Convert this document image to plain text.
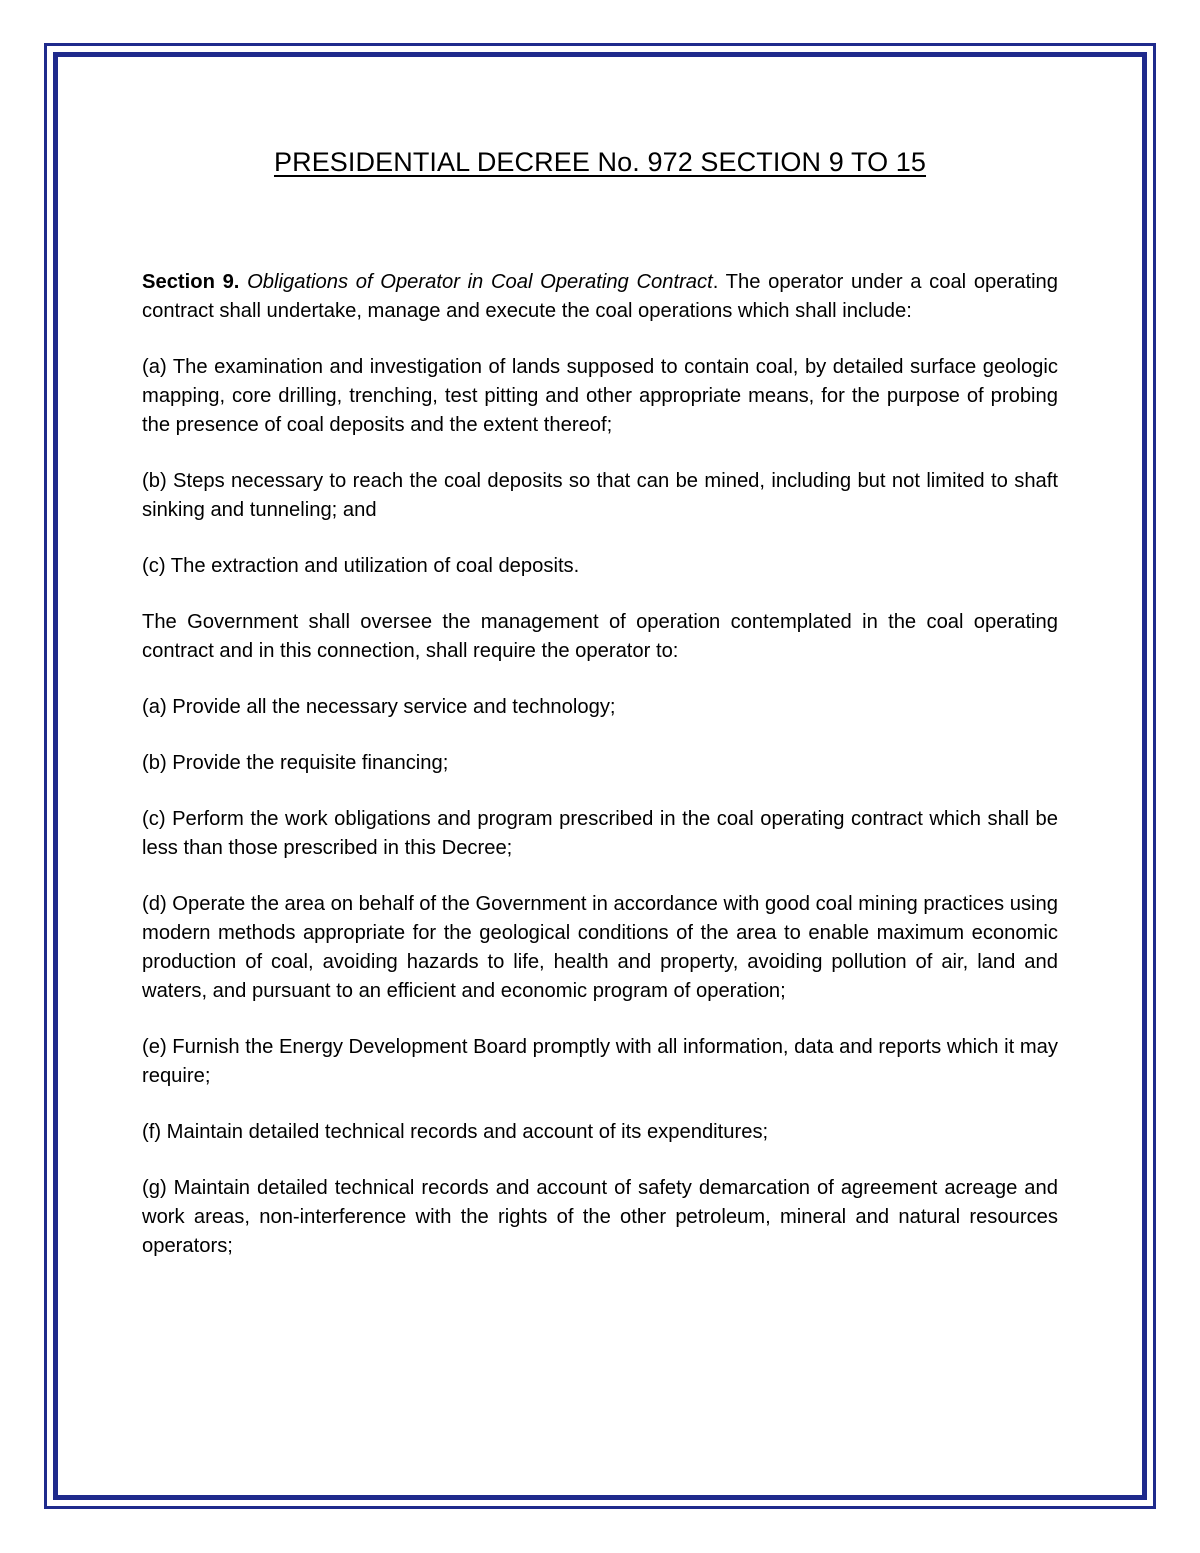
PRESIDENTIAL DECREE No. 972 SECTION 9 TO 15

Section 9. Obligations of Operator in Coal Operating Contract. The operator under a coal operating contract shall undertake, manage and execute the coal operations which shall include:

(a) The examination and investigation of lands supposed to contain coal, by detailed surface geologic mapping, core drilling, trenching, test pitting and other appropriate means, for the purpose of probing the presence of coal deposits and the extent thereof;

(b) Steps necessary to reach the coal deposits so that can be mined, including but not limited to shaft sinking and tunneling; and

(c) The extraction and utilization of coal deposits.

The Government shall oversee the management of operation contemplated in the coal operating contract and in this connection, shall require the operator to:

(a) Provide all the necessary service and technology;

(b) Provide the requisite financing;

(c) Perform the work obligations and program prescribed in the coal operating contract which shall be less than those prescribed in this Decree;

(d) Operate the area on behalf of the Government in accordance with good coal mining practices using modern methods appropriate for the geological conditions of the area to enable maximum economic production of coal, avoiding hazards to life, health and property, avoiding pollution of air, land and waters, and pursuant to an efficient and economic program of operation;

(e) Furnish the Energy Development Board promptly with all information, data and reports which it may require;

(f) Maintain detailed technical records and account of its expenditures;

(g) Maintain detailed technical records and account of safety demarcation of agreement acreage and work areas, non-interference with the rights of the other petroleum, mineral and natural resources operators;
